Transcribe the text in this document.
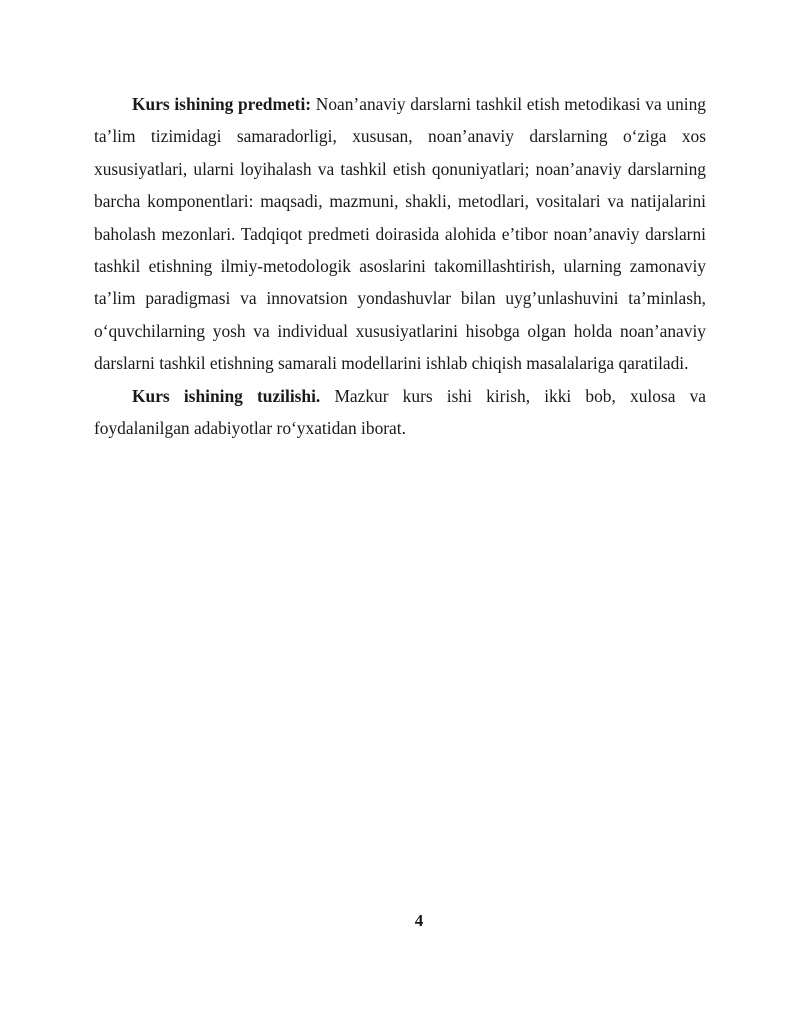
Kurs ishining predmeti: Noan’anaviy darslarni tashkil etish metodikasi va uning ta’lim tizimidagi samaradorligi, xususan, noan’anaviy darslarning o‘ziga xos xususiyatlari, ularni loyihalash va tashkil etish qonuniyatlari; noan’anaviy darslarning barcha komponentlari: maqsadi, mazmuni, shakli, metodlari, vositalari va natijalarini baholash mezonlari. Tadqiqot predmeti doirasida alohida e’tibor noan’anaviy darslarni tashkil etishning ilmiy-metodologik asoslarini takomillashtirish, ularning zamonaviy ta’lim paradigmasi va innovatsion yondashuvlar bilan uyg’unlashuvini ta’minlash, o‘quvchilarning yosh va individual xususiyatlarini hisobga olgan holda noan’anaviy darslarni tashkil etishning samarali modellarini ishlab chiqish masalalariga qaratiladi.

Kurs ishining tuzilishi. Mazkur kurs ishi kirish, ikki bob, xulosa va foydalanilgan adabiyotlar ro‘yxatidan iborat.

4
